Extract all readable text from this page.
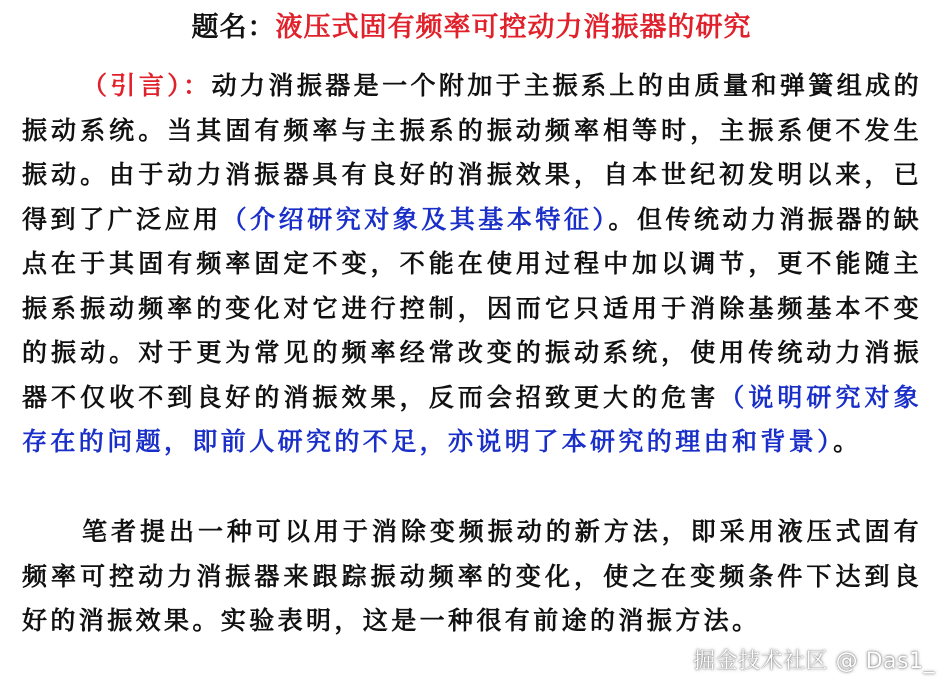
题名：液压式固有频率可控动力消振器的研究
（引言）：动力消振器是一个附加于主振系上的由质量和弹簧组成的振动系统。当其固有频率与主振系的振动频率相等时，主振系便不发生振动。由于动力消振器具有良好的消振效果，自本世纪初发明以来，已得到了广泛应用（介绍研究对象及其基本特征）。但传统动力消振器的缺点在于其固有频率固定不变，不能在使用过程中加以调节，更不能随主振系振动频率的变化对它进行控制，因而它只适用于消除基频基本不变的振动。对于更为常见的频率经常改变的振动系统，使用传统动力消振器不仅收不到良好的消振效果，反而会招致更大的危害（说明研究对象存在的问题，即前人研究的不足，亦说明了本研究的理由和背景）。
笔者提出一种可以用于消除变频振动的新方法，即采用液压式固有频率可控动力消振器来跟踪振动频率的变化，使之在变频条件下达到良好的消振效果。实验表明，这是一种很有前途的消振方法。
掘金技术社区 @ Das1_
